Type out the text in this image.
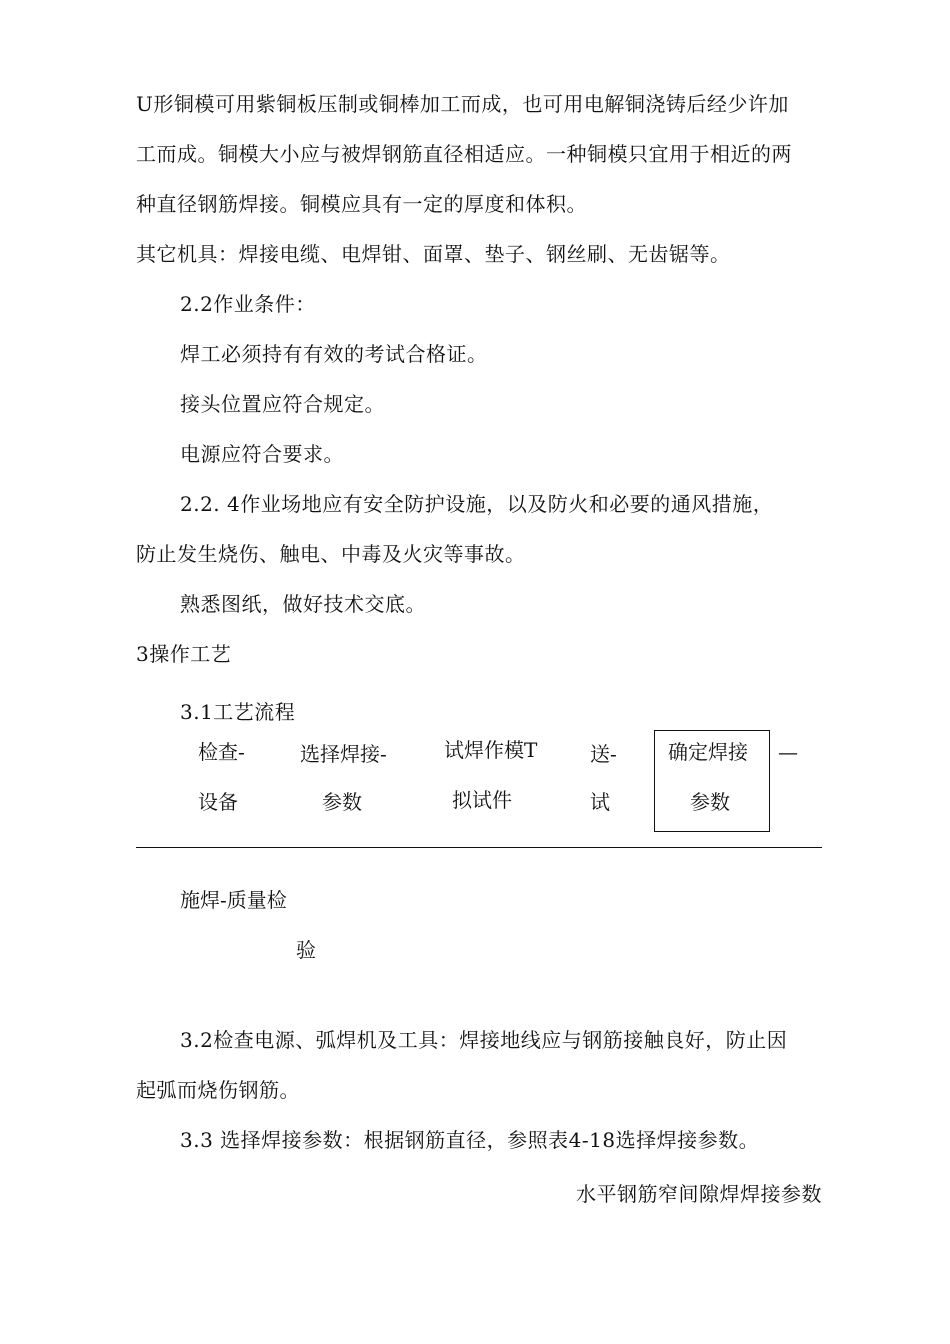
U形铜模可用紫铜板压制或铜棒加工而成，也可用电解铜浇铸后经少许加
工而成。铜模大小应与被焊钢筋直径相适应。一种铜模只宜用于相近的两
种直径钢筋焊接。铜模应具有一定的厚度和体积。
其它机具：焊接电缆、电焊钳、面罩、垫子、钢丝刷、无齿锯等。
2.2作业条件：
焊工必须持有有效的考试合格证。
接头位置应符合规定。
电源应符合要求。
2.2. 4作业场地应有安全防护设施，以及防火和必要的通风措施，
防止发生烧伤、触电、中毒及火灾等事故。
熟悉图纸，做好技术交底。
3操作工艺
3.1工艺流程
检查-
设备
选择焊接-
参数
试焊作模T
拟试件
送-
试
确定焊接
参数
—
施焊-质量检
验
3.2检查电源、弧焊机及工具：焊接地线应与钢筋接触良好，防止因
起弧而烧伤钢筋。
3.3 选择焊接参数：根据钢筋直径，参照表4-18选择焊接参数。
水平钢筋窄间隙焊焊接参数
